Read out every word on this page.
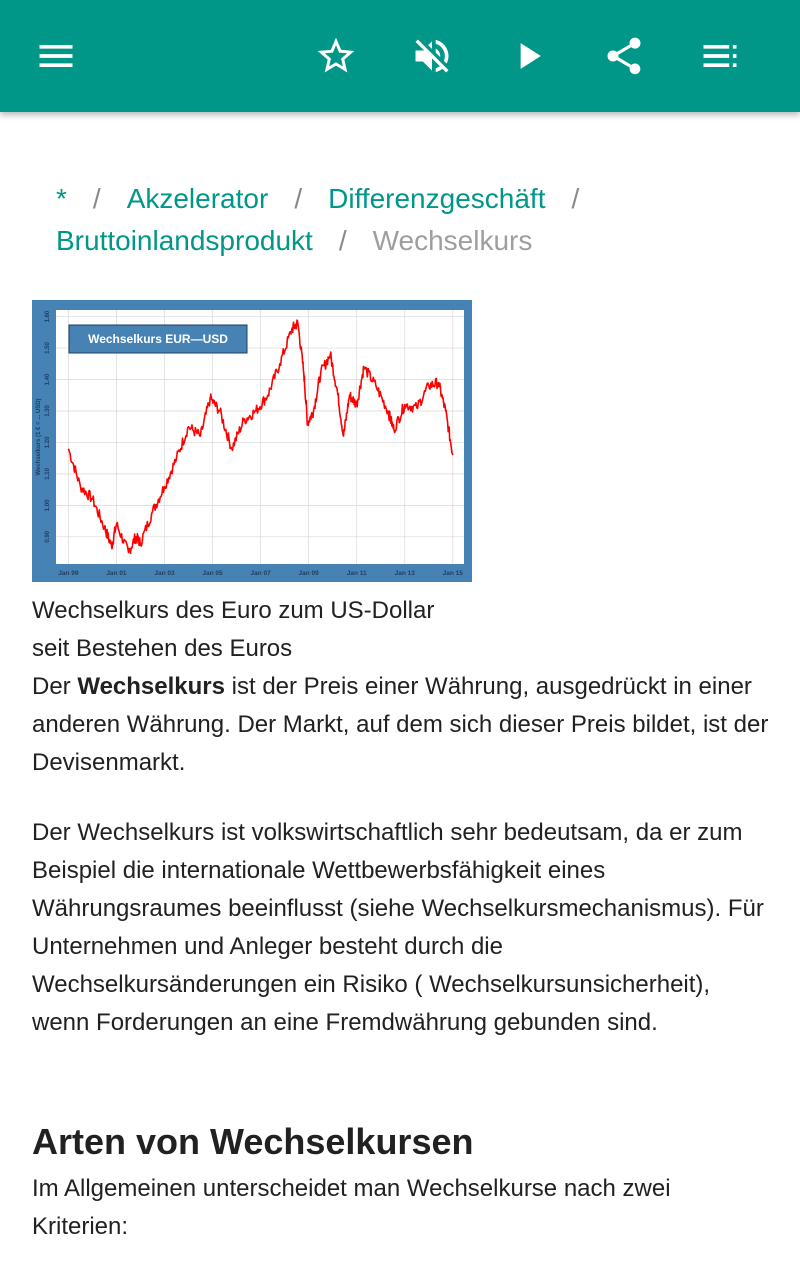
* / Akzelerator / Differenzgeschäft /
Bruttoinlandsprodukt / Wechselkurs
0.90
1.00
1.10
1.20
1.30
1.40
1.50
1.60
Jan 99	Jan 01	Jan 03	Jan 05	Jan 07	Jan 09	Jan 11	Jan 13	Jan 15
Wechselkurs (1 € = ... USD)
Wechselkurs EUR—USD
Wechselkurs des Euro zum US-Dollar
seit Bestehen des Euros
Der Wechselkurs ist der Preis einer Währung, ausgedrückt in einer anderen Währung. Der Markt, auf dem sich dieser Preis bildet, ist der Devisenmarkt.
Der Wechselkurs ist volkswirtschaftlich sehr bedeutsam, da er zum Beispiel die internationale Wettbewerbsfähigkeit eines Währungsraumes beeinflusst (siehe Wechselkursmechanismus). Für Unternehmen und Anleger besteht durch die Wechselkursänderungen ein Risiko ( Wechselkursunsicherheit), wenn Forderungen an eine Fremdwährung gebunden sind.
Arten von Wechselkursen
Im Allgemeinen unterscheidet man Wechselkurse nach zwei Kriterien:
